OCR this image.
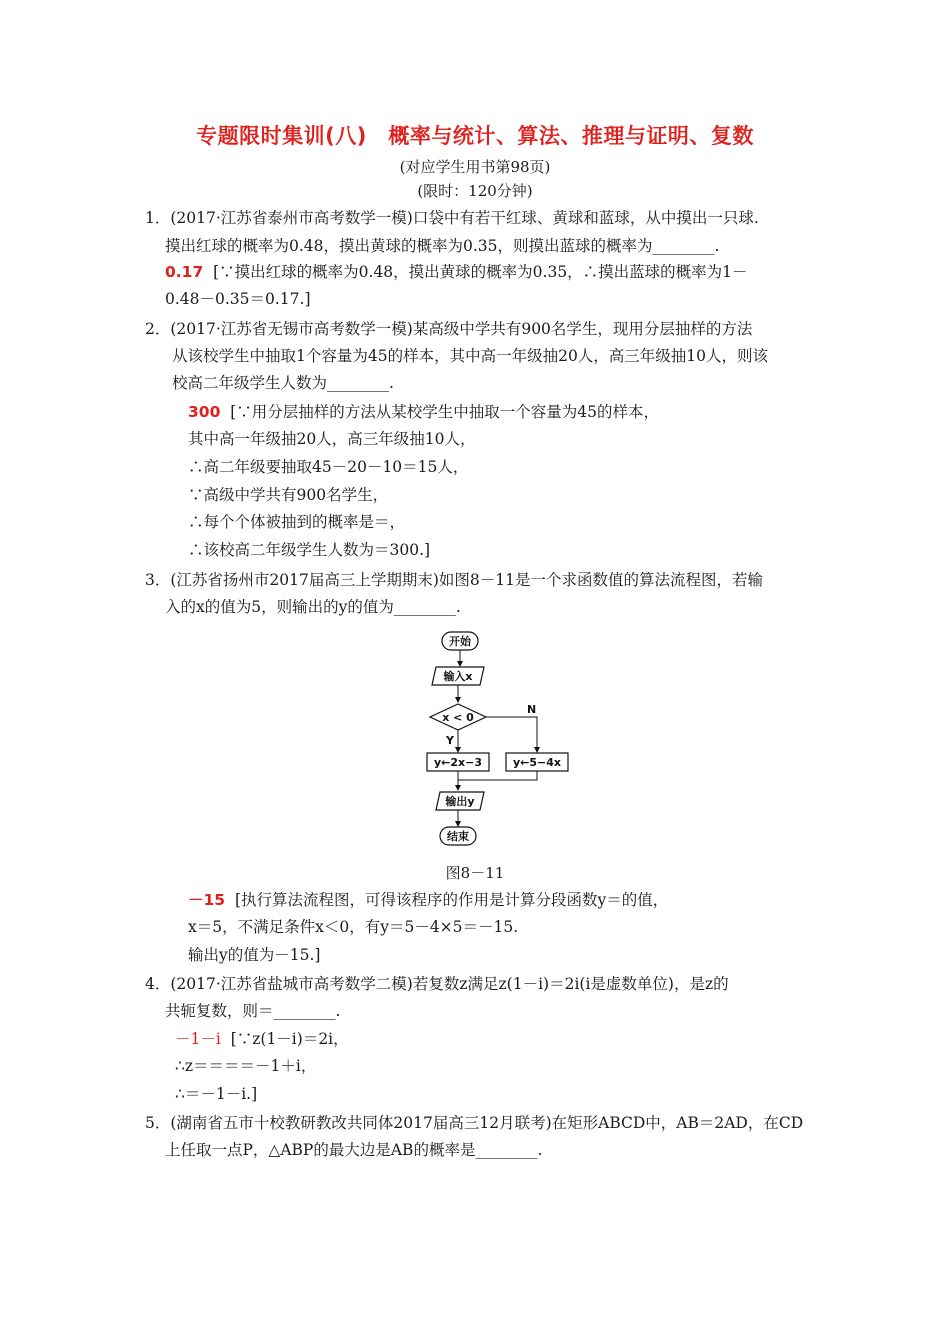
专题限时集训(八)　概率与统计、算法、推理与证明、复数
(对应学生用书第98页)
(限时：120分钟)
1．(2017·江苏省泰州市高考数学一模)口袋中有若干红球、黄球和蓝球，从中摸出一只球.
摸出红球的概率为0.48，摸出黄球的概率为0.35，则摸出蓝球的概率为________.
0.17 [∵摸出红球的概率为0.48，摸出黄球的概率为0.35，∴摸出蓝球的概率为1－
0.48－0.35＝0.17.]
2．(2017·江苏省无锡市高考数学一模)某高级中学共有900名学生，现用分层抽样的方法
从该校学生中抽取1个容量为45的样本，其中高一年级抽20人，高三年级抽10人，则该
校高二年级学生人数为________.
300 [∵用分层抽样的方法从某校学生中抽取一个容量为45的样本，
其中高一年级抽20人，高三年级抽10人，
∴高二年级要抽取45－20－10＝15人，
∵高级中学共有900名学生，
∴每个个体被抽到的概率是＝，
∴该校高二年级学生人数为＝300.]
3．(江苏省扬州市2017届高三上学期期末)如图8－11是一个求函数值的算法流程图，若输
入的x的值为5，则输出的y的值为________.
开始
输入x
x < 0
Y
N
y←2x−3	y←5−4x
输出y
结束
图8－11
－15 [执行算法流程图，可得该程序的作用是计算分段函数y＝的值，
x＝5，不满足条件x＜0，有y＝5－4×5＝－15.
输出y的值为－15.]
4．(2017·江苏省盐城市高考数学二模)若复数z满足z(1－i)＝2i(i是虚数单位)，是z的
共轭复数，则＝________.
－1－i [∵z(1－i)＝2i，
∴z＝＝＝＝－1＋i，
∴＝－1－i.]
5．(湖南省五市十校教研教改共同体2017届高三12月联考)在矩形ABCD中，AB＝2AD，在CD
上任取一点P，△ABP的最大边是AB的概率是________.
